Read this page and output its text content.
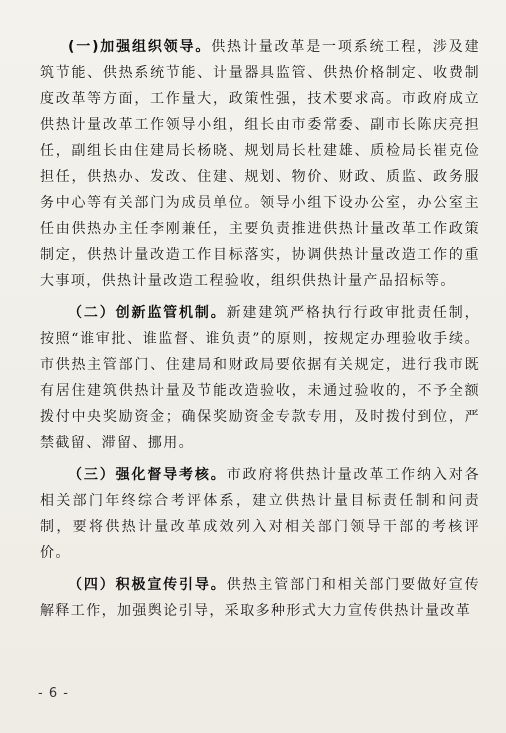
(一)加强组织领导。供热计量改革是一项系统工程，涉及建筑节能、供热系统节能、计量器具监管、供热价格制定、收费制度改革等方面，工作量大，政策性强，技术要求高。市政府成立供热计量改革工作领导小组，组长由市委常委、副市长陈庆亮担任，副组长由住建局长杨晓、规划局长杜建雄、质检局长崔克俭担任，供热办、发改、住建、规划、物价、财政、质监、政务服务中心等有关部门为成员单位。领导小组下设办公室，办公室主任由供热办主任李刚兼任，主要负责推进供热计量改革工作政策制定，供热计量改造工作目标落实，协调供热计量改造工作的重大事项，供热计量改造工程验收，组织供热计量产品招标等。

（二）创新监管机制。新建建筑严格执行行政审批责任制，按照“谁审批、谁监督、谁负责”的原则，按规定办理验收手续。市供热主管部门、住建局和财政局要依据有关规定，进行我市既有居住建筑供热计量及节能改造验收，未通过验收的，不予全额拨付中央奖励资金；确保奖励资金专款专用，及时拨付到位，严禁截留、滞留、挪用。

（三）强化督导考核。市政府将供热计量改革工作纳入对各相关部门年终综合考评体系，建立供热计量目标责任制和问责制，要将供热计量改革成效列入对相关部门领导干部的考核评价。

（四）积极宣传引导。供热主管部门和相关部门要做好宣传解释工作，加强舆论引导，采取多种形式大力宣传供热计量改革

- 6 -
